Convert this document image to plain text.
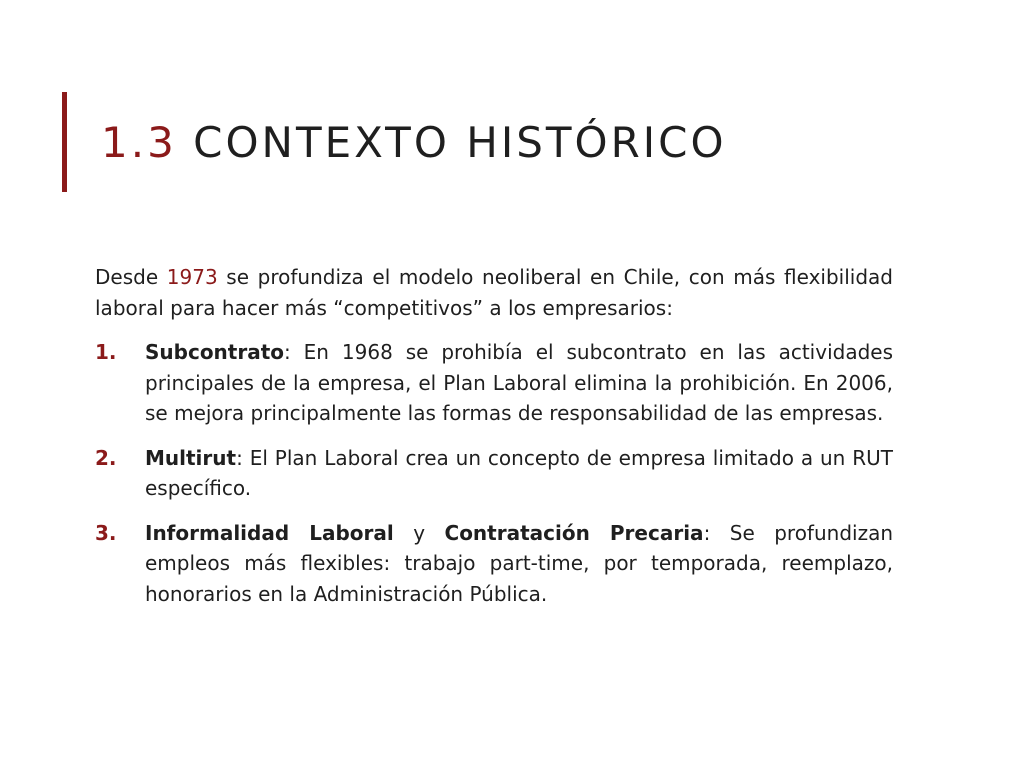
1.3 CONTEXTO HISTÓRICO

Desde 1973 se profundiza el modelo neoliberal en Chile, con más flexibilidad laboral para hacer más “competitivos” a los empresarios:

1. Subcontrato: En 1968 se prohibía el subcontrato en las actividades principales de la empresa, el Plan Laboral elimina la prohibición. En 2006, se mejora principalmente las formas de responsabilidad de las empresas.
2. Multirut: El Plan Laboral crea un concepto de empresa limitado a un RUT específico.
3. Informalidad Laboral y Contratación Precaria: Se profundizan empleos más flexibles: trabajo part-time, por temporada, reemplazo, honorarios en la Administración Pública.
